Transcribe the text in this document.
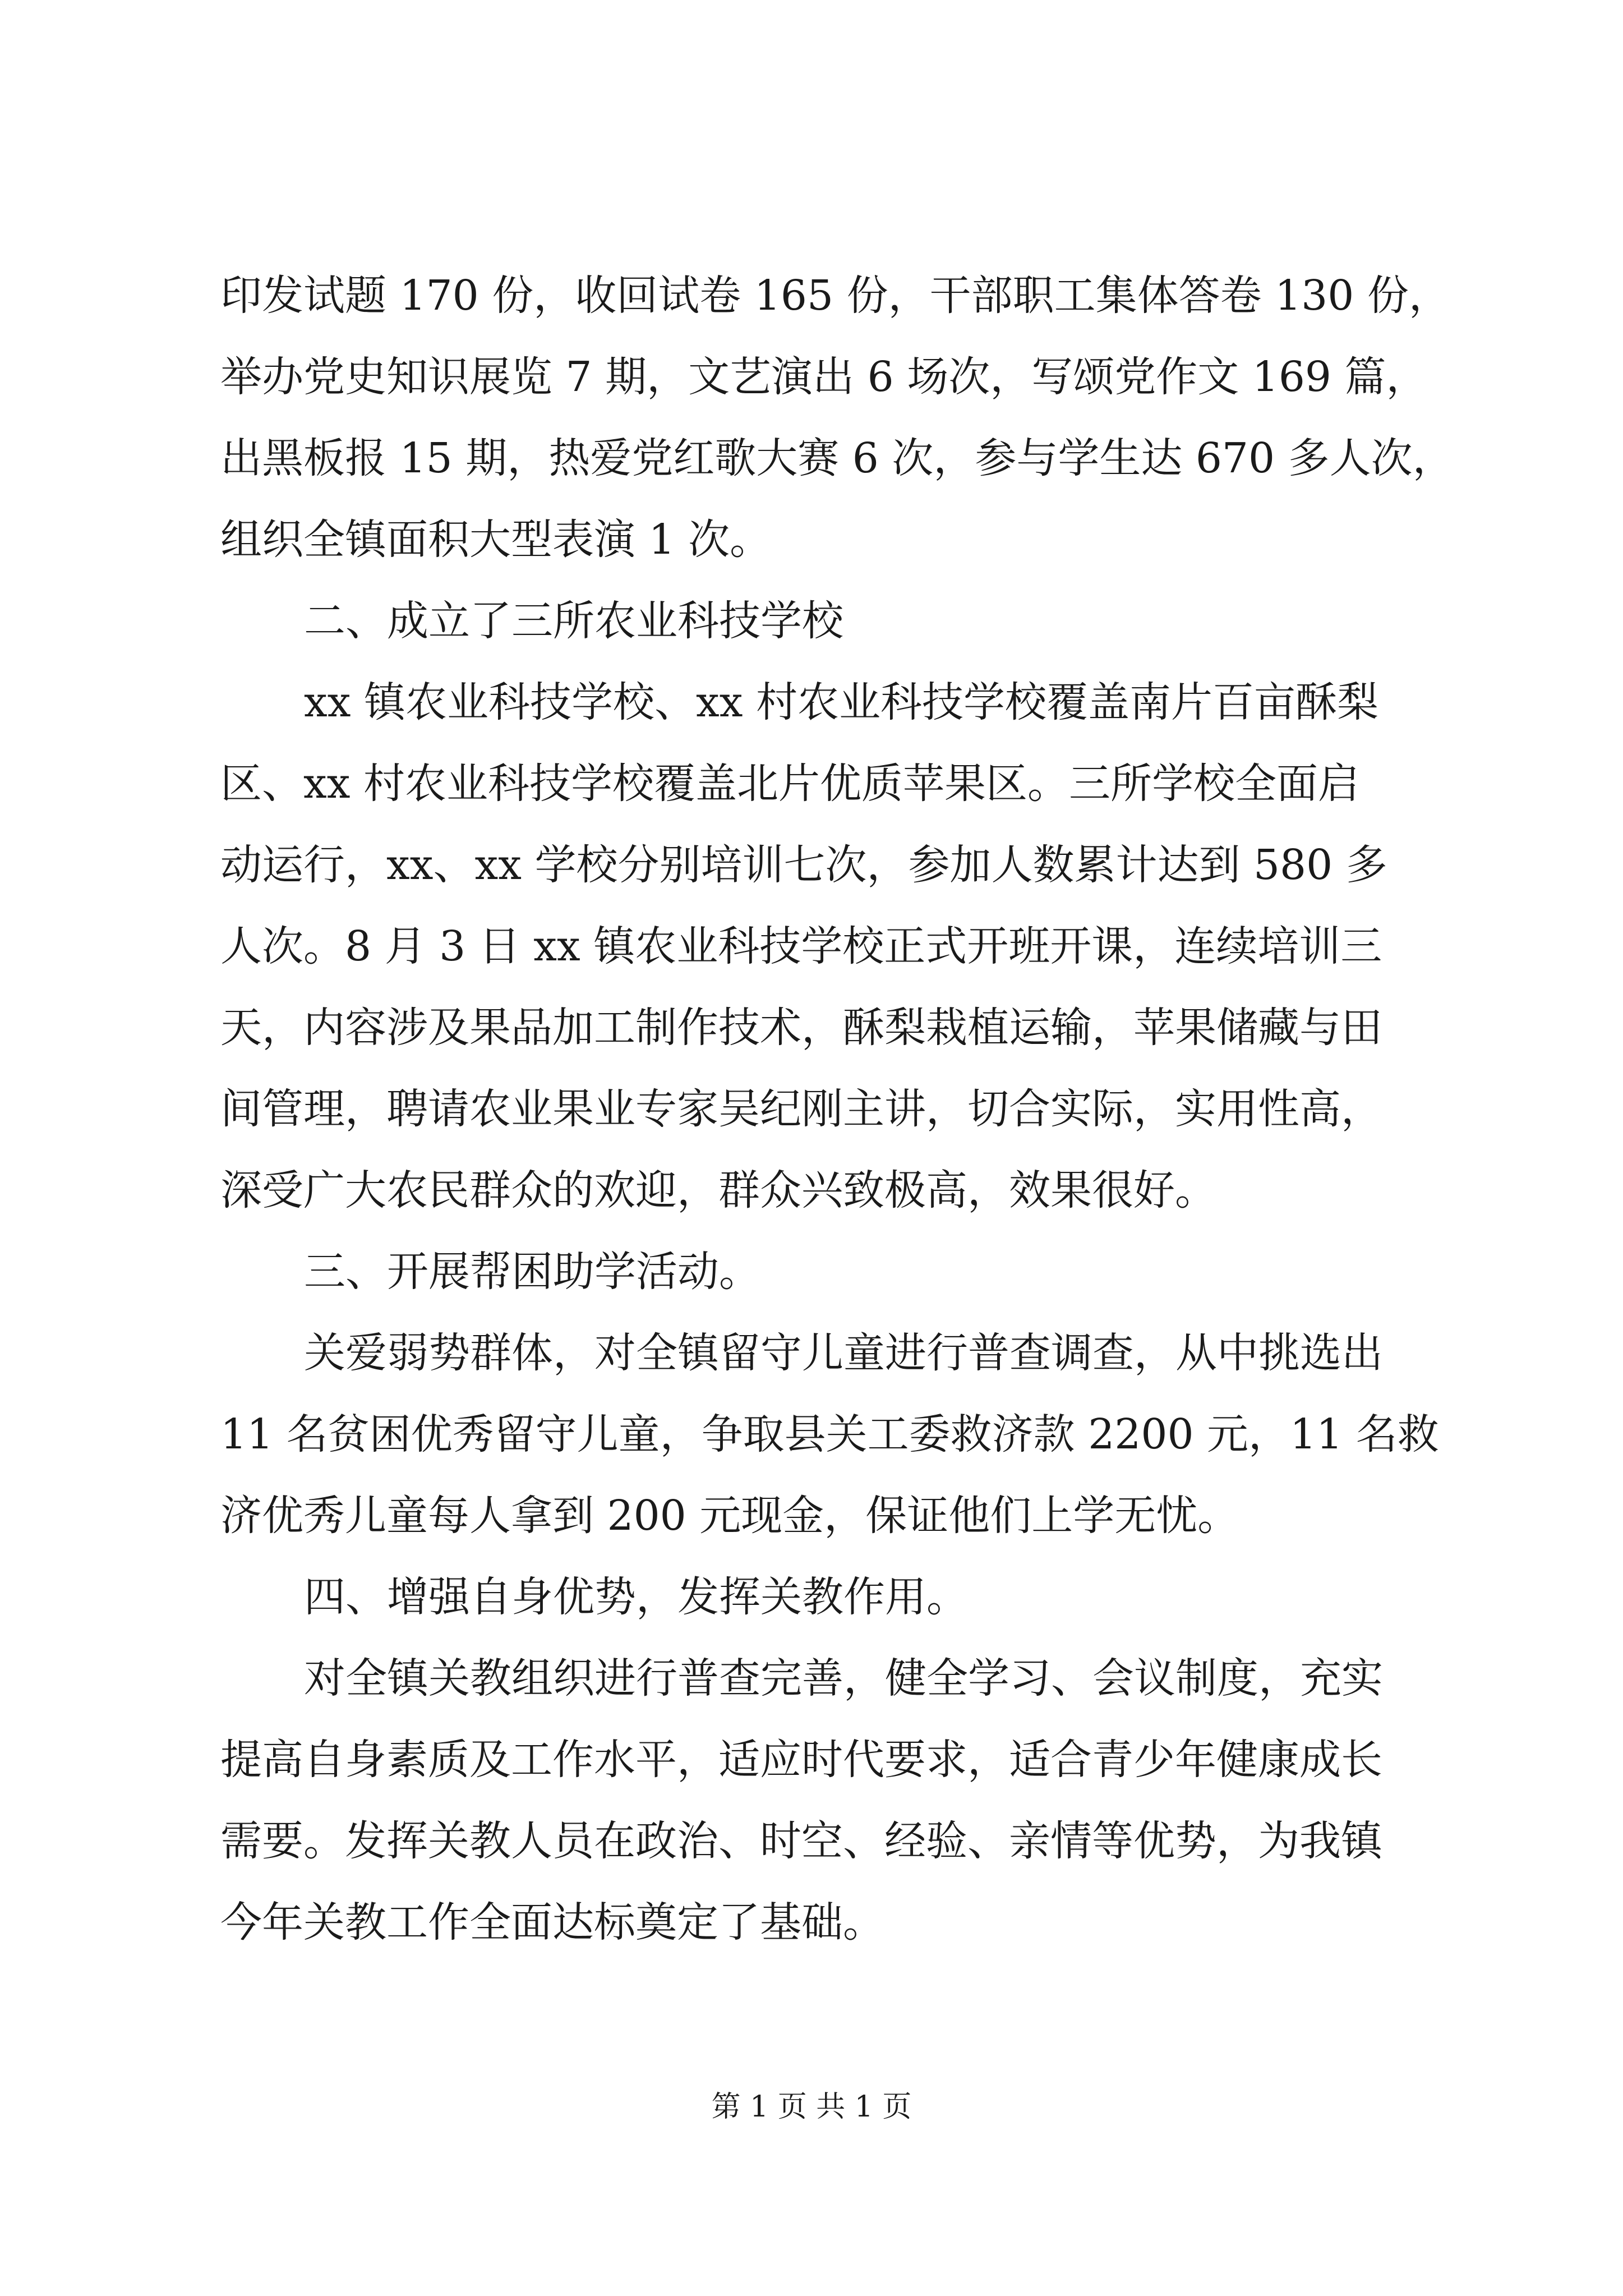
印发试题 170 份，收回试卷 165 份，干部职工集体答卷 130 份，
举办党史知识展览 7 期，文艺演出 6 场次，写颂党作文 169 篇，
出黑板报 15 期，热爱党红歌大赛 6 次，参与学生达 670 多人次，
组织全镇面积大型表演 1 次。
二、成立了三所农业科技学校
xx 镇农业科技学校、xx 村农业科技学校覆盖南片百亩酥梨
区、xx 村农业科技学校覆盖北片优质苹果区。三所学校全面启
动运行，xx、xx 学校分别培训七次，参加人数累计达到 580 多
人次。8 月 3 日 xx 镇农业科技学校正式开班开课，连续培训三
天，内容涉及果品加工制作技术，酥梨栽植运输，苹果储藏与田
间管理，聘请农业果业专家吴纪刚主讲，切合实际，实用性高，
深受广大农民群众的欢迎，群众兴致极高，效果很好。
三、开展帮困助学活动。
关爱弱势群体，对全镇留守儿童进行普查调查，从中挑选出
11 名贫困优秀留守儿童，争取县关工委救济款 2200 元，11 名救
济优秀儿童每人拿到 200 元现金，保证他们上学无忧。
四、增强自身优势，发挥关教作用。
对全镇关教组织进行普查完善，健全学习、会议制度，充实
提高自身素质及工作水平，适应时代要求，适合青少年健康成长
需要。发挥关教人员在政治、时空、经验、亲情等优势，为我镇
今年关教工作全面达标奠定了基础。
第 1 页 共 1 页
